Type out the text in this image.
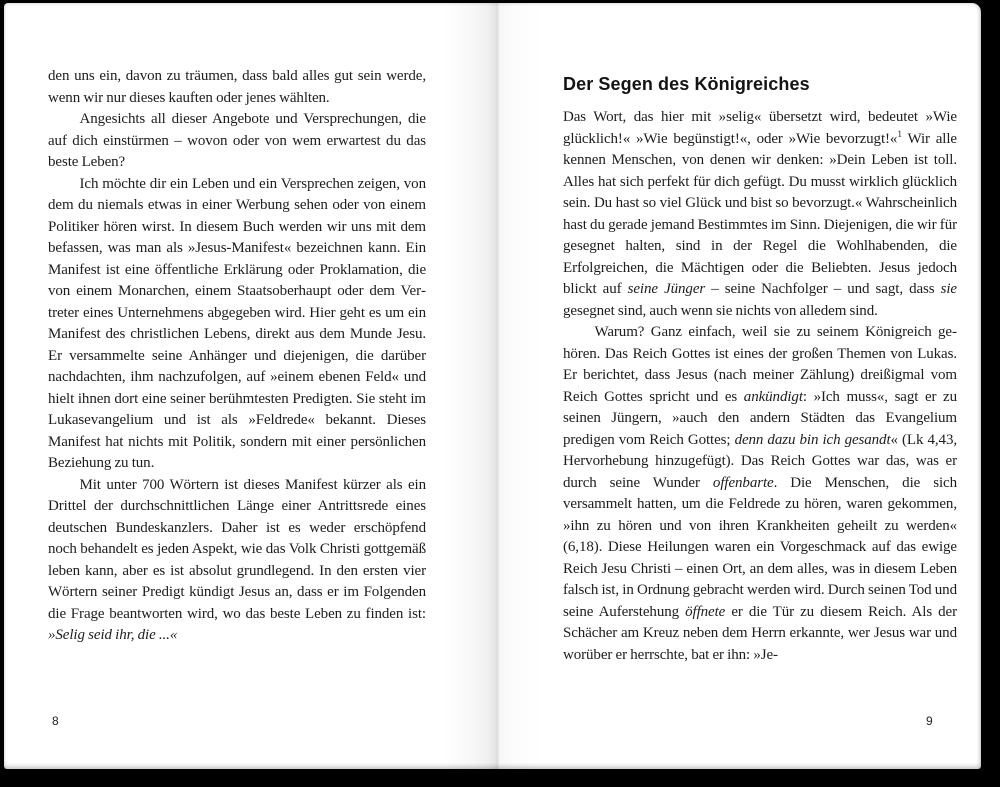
den uns ein, davon zu träumen, dass bald alles gut sein werde, wenn wir nur dieses kauften oder jenes wählten.

Angesichts all dieser Angebote und Versprechungen, die auf dich einstürmen – wovon oder von wem erwartest du das beste Leben?

Ich möchte dir ein Leben und ein Versprechen zeigen, von dem du niemals etwas in einer Werbung sehen oder von einem Politiker hören wirst. In diesem Buch werden wir uns mit dem befassen, was man als »Jesus-Manifest« bezeichnen kann. Ein Manifest ist eine öffentliche Erklärung oder Proklamation, die von einem Monarchen, einem Staatsoberhaupt oder dem Vertreter eines Unternehmens abgegeben wird. Hier geht es um ein Manifest des christlichen Lebens, direkt aus dem Munde Jesu. Er versammelte seine Anhänger und diejenigen, die darüber nachdachten, ihm nachzufolgen, auf »einem ebenen Feld« und hielt ihnen dort eine seiner berühmtesten Predigten. Sie steht im Lukasevangelium und ist als »Feldrede« bekannt. Dieses Manifest hat nichts mit Politik, sondern mit einer persönlichen Beziehung zu tun.

Mit unter 700 Wörtern ist dieses Manifest kürzer als ein Drittel der durchschnittlichen Länge einer Antrittsrede eines deutschen Bundeskanzlers. Daher ist es weder erschöpfend noch behandelt es jeden Aspekt, wie das Volk Christi gottgemäß leben kann, aber es ist absolut grundlegend. In den ersten vier Wörtern seiner Predigt kündigt Jesus an, dass er im Folgenden die Frage beantworten wird, wo das beste Leben zu finden ist: »Selig seid ihr, die ...«

8
Der Segen des Königreiches

Das Wort, das hier mit »selig« übersetzt wird, bedeutet »Wie glücklich!« »Wie begünstigt!«, oder »Wie bevorzugt!«$^1$ Wir alle kennen Menschen, von denen wir denken: »Dein Leben ist toll. Alles hat sich perfekt für dich gefügt. Du musst wirklich glücklich sein. Du hast so viel Glück und bist so bevorzugt.« Wahrscheinlich hast du gerade jemand Bestimmtes im Sinn. Diejenigen, die wir für gesegnet halten, sind in der Regel die Wohlhabenden, die Erfolgreichen, die Mächtigen oder die Beliebten. Jesus jedoch blickt auf seine Jünger – seine Nachfolger – und sagt, dass sie gesegnet sind, auch wenn sie nichts von alledem sind.

Warum? Ganz einfach, weil sie zu seinem Königreich gehören. Das Reich Gottes ist eines der großen Themen von Lukas. Er berichtet, dass Jesus (nach meiner Zählung) dreißigmal vom Reich Gottes spricht und es ankündigt: »Ich muss«, sagt er zu seinen Jüngern, »auch den andern Städten das Evangelium predigen vom Reich Gottes; denn dazu bin ich gesandt« (Lk 4,43, Hervorhebung hinzugefügt). Das Reich Gottes war das, was er durch seine Wunder offenbarte. Die Menschen, die sich versammelt hatten, um die Feldrede zu hören, waren gekommen, »ihn zu hören und von ihren Krankheiten geheilt zu werden« (6,18). Diese Heilungen waren ein Vorgeschmack auf das ewige Reich Jesu Christi – einen Ort, an dem alles, was in diesem Leben falsch ist, in Ordnung gebracht werden wird. Durch seinen Tod und seine Auferstehung öffnete er die Tür zu diesem Reich. Als der Schächer am Kreuz neben dem Herrn erkannte, wer Jesus war und worüber er herrschte, bat er ihn: »Je-

9
